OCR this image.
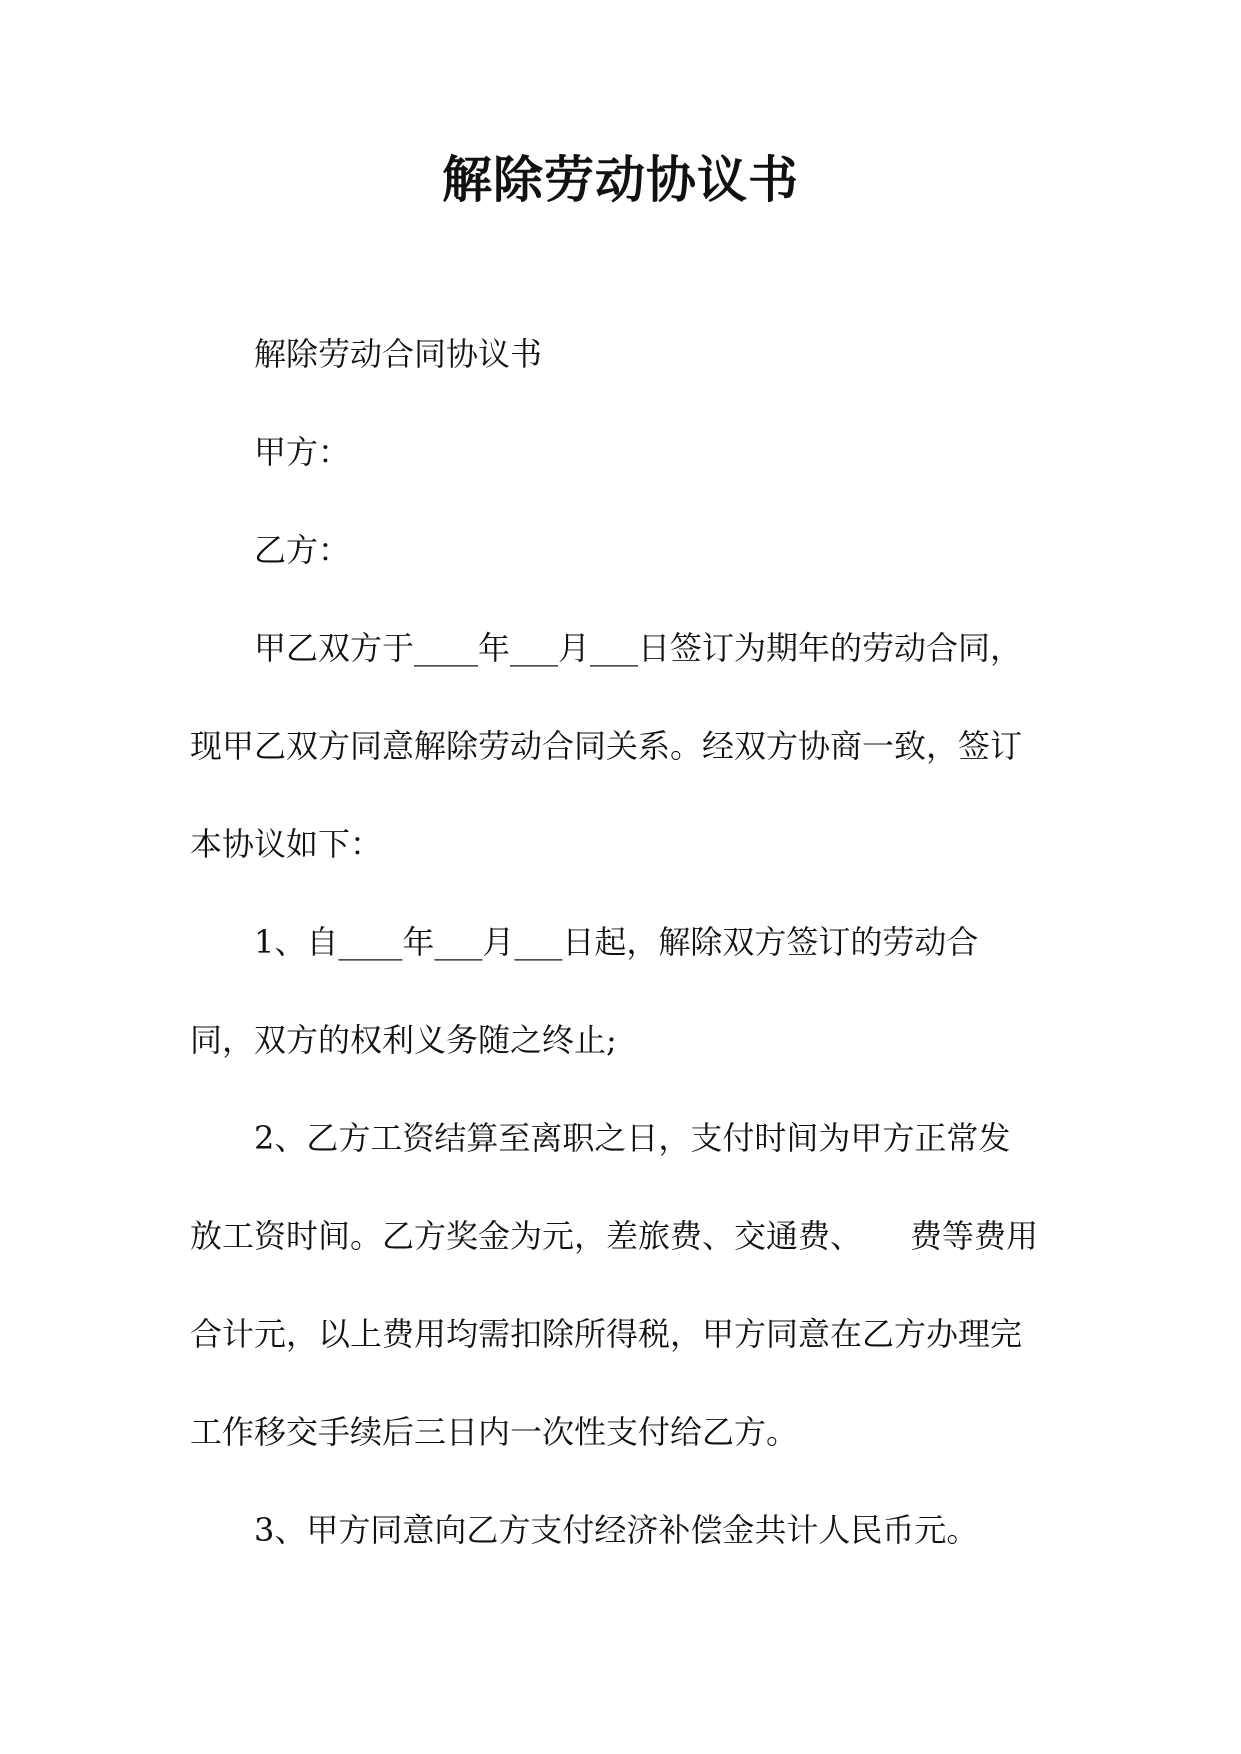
解除劳动协议书

解除劳动合同协议书

甲方：

乙方：

甲乙双方于____年___月___日签订为期年的劳动合同，现甲乙双方同意解除劳动合同关系。经双方协商一致，签订本协议如下：

1、自____年___月___日起，解除双方签订的劳动合同，双方的权利义务随之终止;

2、乙方工资结算至离职之日，支付时间为甲方正常发放工资时间。乙方奖金为元，差旅费、交通费、　　费等费用合计元，以上费用均需扣除所得税，甲方同意在乙方办理完工作移交手续后三日内一次性支付给乙方。

3、甲方同意向乙方支付经济补偿金共计人民币元。
